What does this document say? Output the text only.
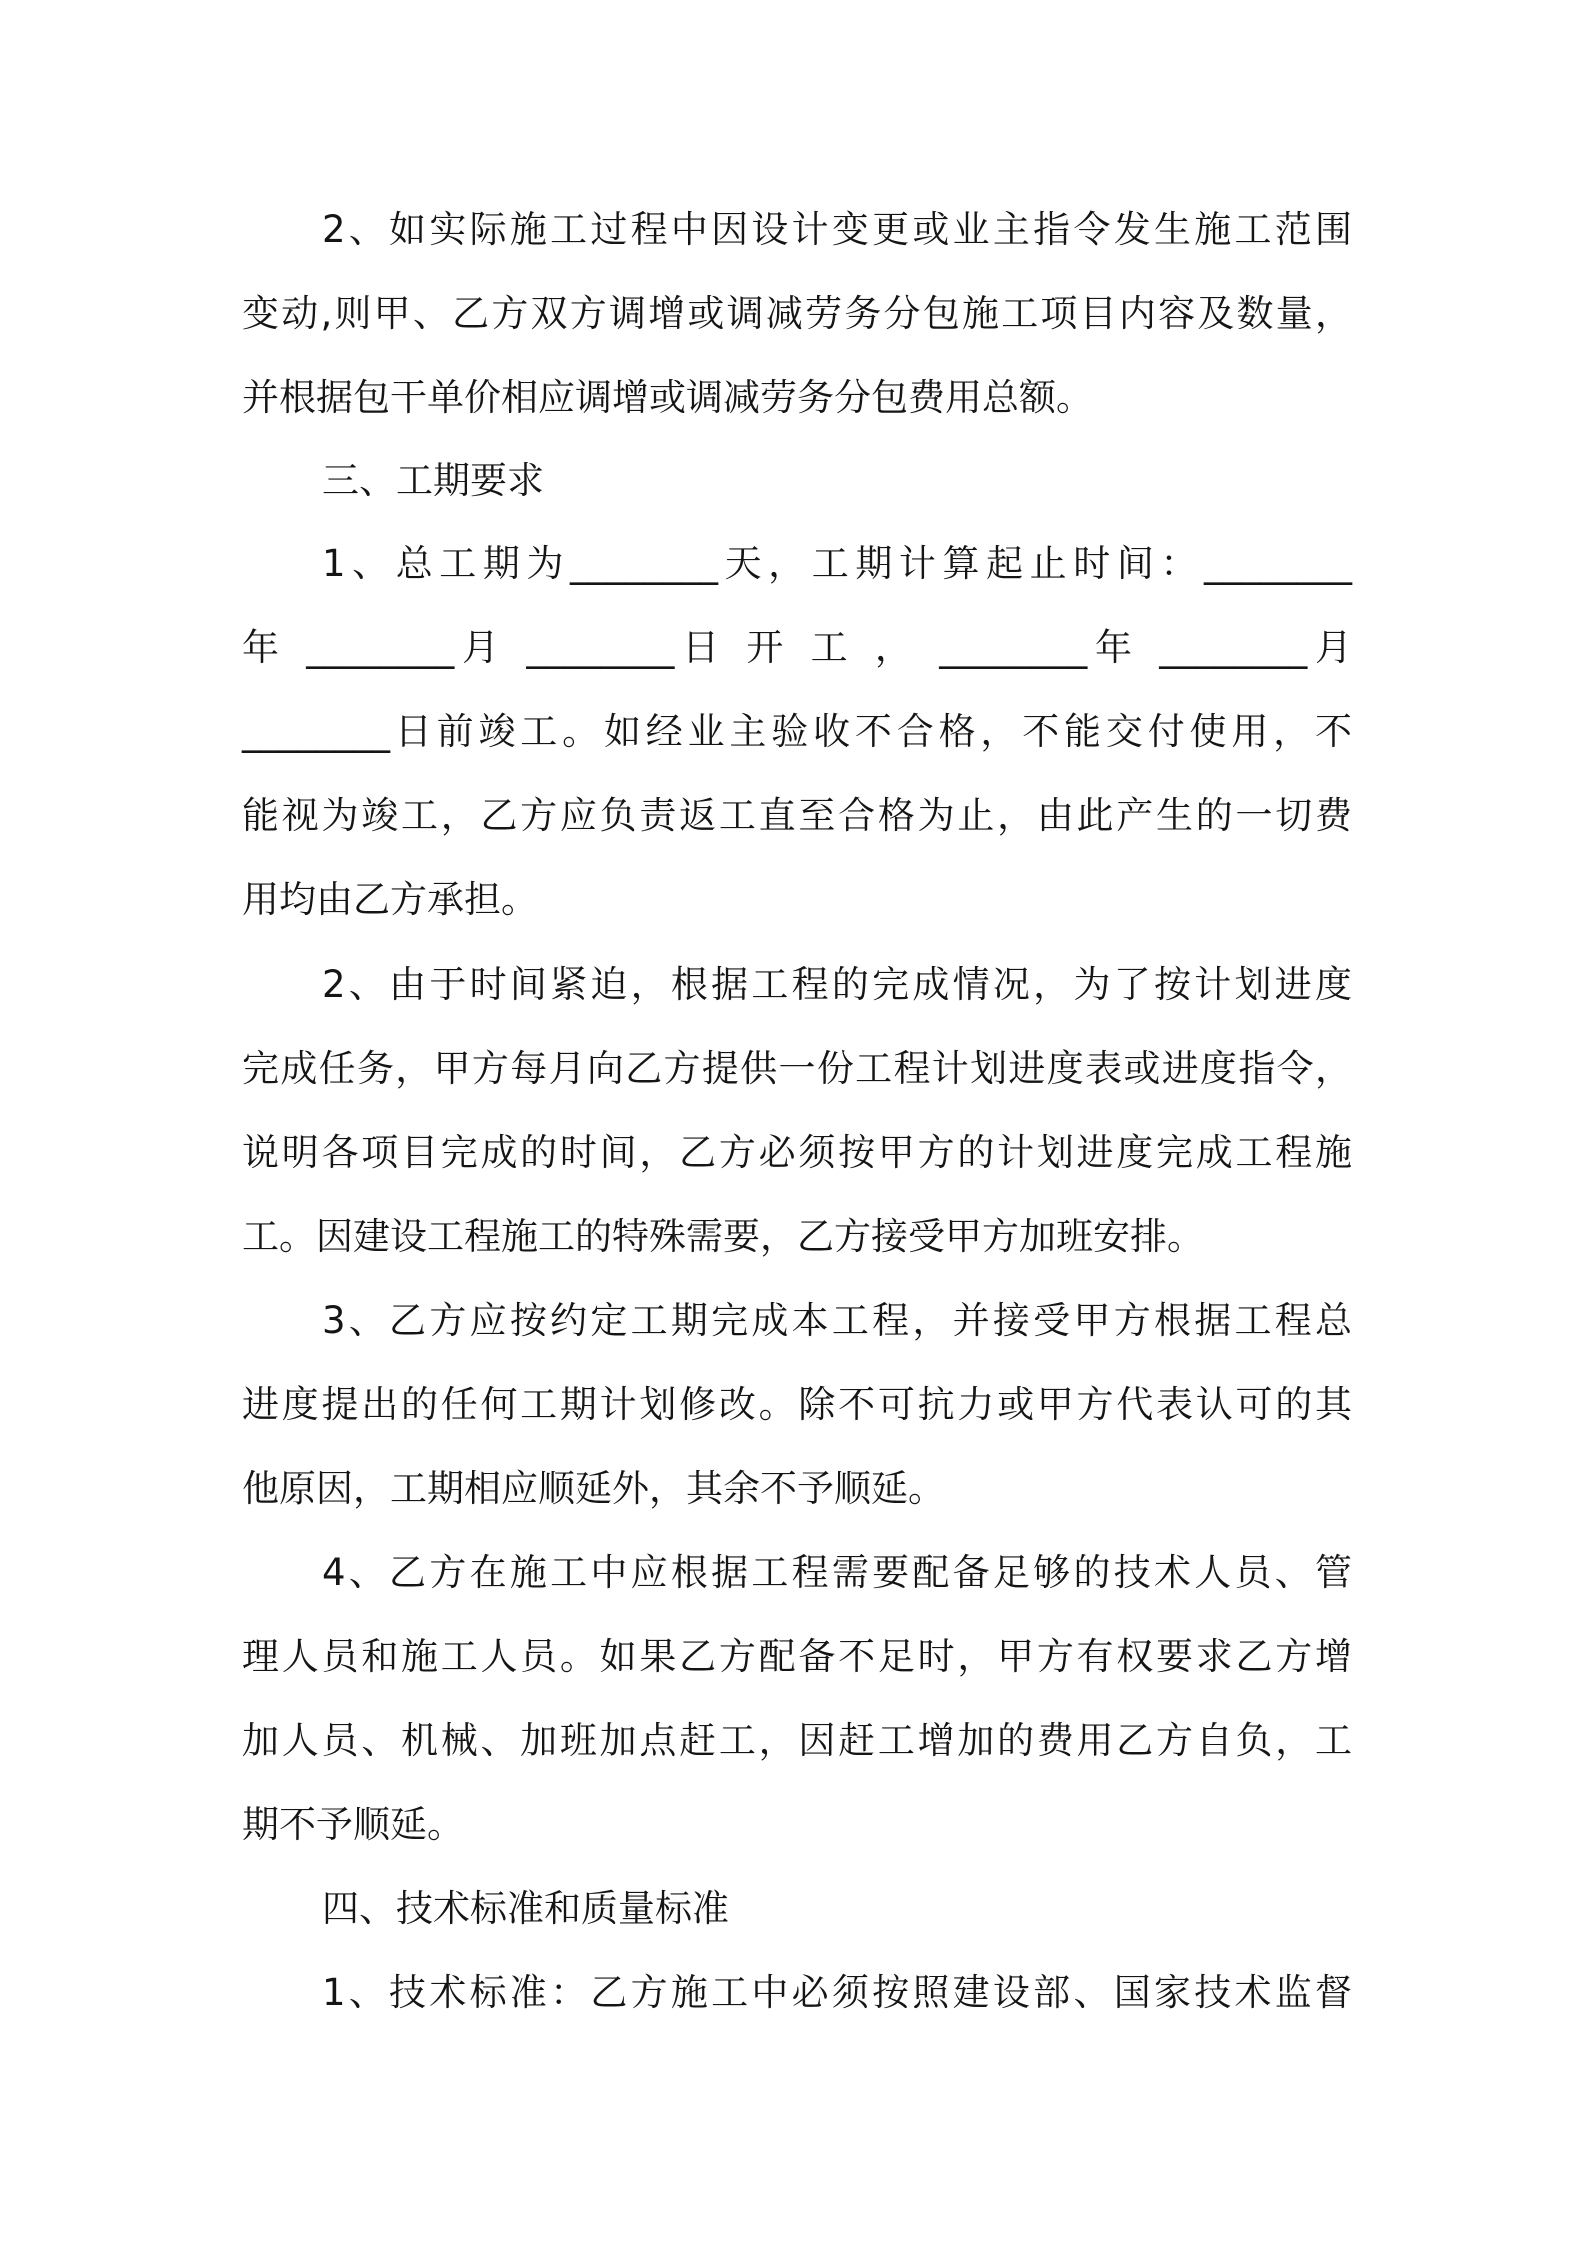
2、如实际施工过程中因设计变更或业主指令发生施工范围
变动,则甲、乙方双方调增或调减劳务分包施工项目内容及数量，
并根据包干单价相应调增或调减劳务分包费用总额。
三、工期要求
1、总工期为________天，工期计算起止时间：________
年 ________月 ________日 开 工 ， ________年 ________月
________日前竣工。如经业主验收不合格，不能交付使用，不
能视为竣工，乙方应负责返工直至合格为止，由此产生的一切费
用均由乙方承担。
2、由于时间紧迫，根据工程的完成情况，为了按计划进度
完成任务，甲方每月向乙方提供一份工程计划进度表或进度指令，
说明各项目完成的时间，乙方必须按甲方的计划进度完成工程施
工。因建设工程施工的特殊需要，乙方接受甲方加班安排。
3、乙方应按约定工期完成本工程，并接受甲方根据工程总
进度提出的任何工期计划修改。除不可抗力或甲方代表认可的其
他原因，工期相应顺延外，其余不予顺延。
4、乙方在施工中应根据工程需要配备足够的技术人员、管
理人员和施工人员。如果乙方配备不足时，甲方有权要求乙方增
加人员、机械、加班加点赶工，因赶工增加的费用乙方自负，工
期不予顺延。
四、技术标准和质量标准
1、技术标准：乙方施工中必须按照建设部、国家技术监督
